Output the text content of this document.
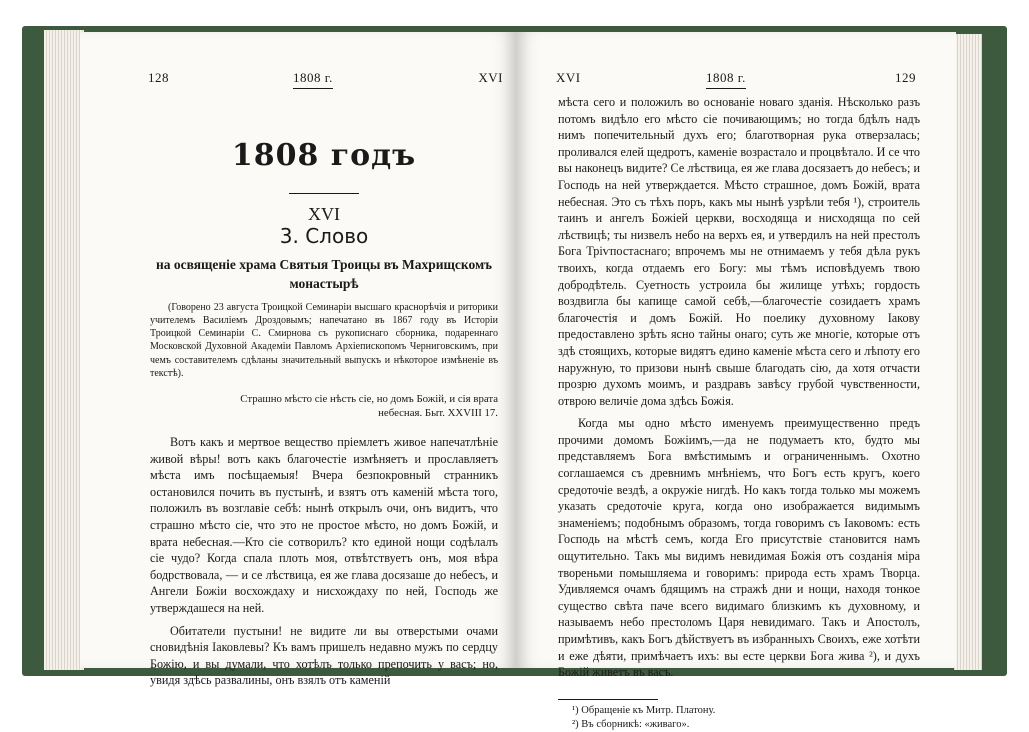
128	1808 г.	XVI
1808 годъ
XVI
3. Слово
на освященіе храма Святыя Троицы въ Махрищскомъ монастырѣ
(Говорено 23 августа Троицкой Семинаріи высшаго краснорѣчія и риторики учителемъ Василіемъ Дроздовымъ; напечатано въ 1867 году въ Исторіи Троицкой Семинаріи С. Смирнова съ рукописнаго сборника, подареннаго Московской Духовной Академіи Павломъ Архіепископомъ Черниговскимъ, при чемъ составителемъ сдѣланы значительный выпускъ и нѣкоторое измѣненіе въ текстѣ).
Страшно мѣсто сіе нѣсть сіе, но домъ Божій, и сія врата небесная. Быт. XXVIII 17.

Вотъ какъ и мертвое вещество пріемлетъ живое напечатлѣніе живой вѣры! вотъ какъ благочестіе измѣняетъ и прославляетъ мѣста имъ посѣщаемыя! Вчера безпокровный странникъ остановился почить въ пустынѣ, и взятъ отъ каменій мѣста того, положилъ въ возглавіе себѣ: нынѣ открылъ очи, онъ видитъ, что страшно мѣсто сіе, что это не простое мѣсто, но домъ Божій, и врата небесная.—Кто сіе сотворилъ? кто единой нощи содѣлалъ сіе чудо? Когда спала плоть моя, отвѣтствуетъ онъ, моя вѣра бодрствовала, — и се лѣствица, ея же глава досязаше до небесъ, и Ангели Божіи восхождаху и нисхождаху по ней, Господь же утверждашеся на ней.

Обитатели пустыни! не видите ли вы отверстыми очами сновидѣнія Іаковлевы? Къ вамъ пришелъ недавно мужъ по сердцу Божію, и вы думали, что хотѣлъ только препочить у васъ; но, увидя здѣсь развалины, онъ взялъ отъ каменій

XVI	1808 г.	129

мѣста сего и положилъ во основаніе новаго зданія. Нѣсколько разъ потомъ видѣло его мѣсто сіе почивающимъ; но тогда бдѣлъ надъ нимъ попечительный духъ его; благотворная рука отверзалась; проливался елей щедротъ, каменіе возрастало и процвѣтало. И се что вы наконецъ видите? Се лѣствица, ея же глава досязаетъ до небесъ; и Господь на ней утверждается. Мѣсто страшное, домъ Божій, врата небесная. Это съ тѣхъ поръ, какъ мы нынѣ узрѣли тебя ¹), строитель таинъ и ангелъ Божіей церкви, восходяща и нисходяща по сей лѣствицѣ; ты низвелъ небо на верхъ ея, и утвердилъ на ней престолъ Бога Тріѵпостаснаго; впрочемъ мы не отнимаемъ у тебя дѣла рукъ твоихъ, когда отдаемъ его Богу: мы тѣмъ исповѣдуемъ твою добродѣтель. Суетность устроила бы жилище утѣхъ; гордость воздвигла бы капище самой себѣ,—благочестіе созидаетъ храмъ благочестія и домъ Божій. Но поелику духовному Іакову предоставлено зрѣть ясно тайны онаго; суть же многіе, которые отъ здѣ стоящихъ, которые видятъ едино каменіе мѣста сего и лѣпоту его наружную, то призови нынѣ свыше благодать сію, да хотя отчасти прозрю духомъ моимъ, и раздравъ завѣсу грубой чувственности, отврою величіе дома здѣсь Божія.

Когда мы одно мѣсто именуемъ преимущественно предъ прочими домомъ Божіимъ,—да не подумаетъ кто, будто мы представляемъ Бога вмѣстимымъ и ограниченнымъ. Охотно соглашаемся съ древнимъ мнѣніемъ, что Богъ есть кругъ, коего средоточіе вездѣ, а окружіе нигдѣ. Но какъ тогда только мы можемъ указать средоточіе круга, когда оно изображается видимымъ знаменіемъ; подобнымъ образомъ, тогда говоримъ съ Іаковомъ: есть Господь на мѣстѣ семъ, когда Его присутствіе становится намъ ощутительно. Такъ мы видимъ невидимая Божія отъ созданія міра твореньми помышляема и говоримъ: природа есть храмъ Творца. Удивляемся очамъ бдящимъ на стражѣ дни и нощи, находя тонкое существо свѣта паче всего видимаго близкимъ къ духовному, и называемъ небо престоломъ Царя невидимаго. Такъ и Апостолъ, примѣтивъ, какъ Богъ дѣйствуетъ въ избранныхъ Своихъ, еже хотѣти и еже дѣяти, примѣчаетъ ихъ: вы есте церкви Бога жива ²), и духъ Божій живетъ въ васъ.

¹) Обращеніе къ Митр. Платону.
²) Въ сборникѣ: «живаго».
